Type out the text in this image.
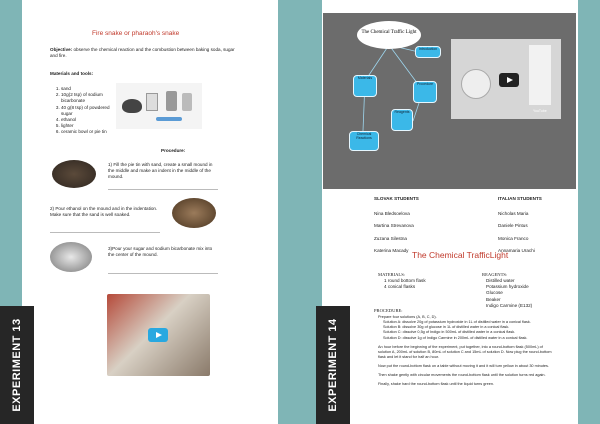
EXPERIMENT 13
Fire snake or pharaoh's snake
Objective: observe the chemical reaction and the combustion between baking soda, sugar and fire.
Materials and tools:
1. sand
2. 10g(2 tsp) of sodium bicarbonate
3. 40 g(8 tsp) of powdered sugar
4. ethanol
5. lighter
6. ceramic bowl or pie tin
Procedure:
1) Fill the pie tin with sand, create a small mound in the middle and make an indent in the middle of the mound.
2) Pour ethanol on the mound and in the indentation. Make sure that the sand is well soaked.
3)Pour your sugar and sodium bicarbonate mix into the center of the mound.
EXPERIMENT 14
The Chemical Traffic Light
Introduction
Materials
Procedure
Reagents
Chemical Reactions
YouTube
SLOVAK STUDENTS	ITALIAN STUDENTS
Nina Bledsoelova
Martina Strevanova
Zuzana Silestna
Katerina Macady
Nicholas Maria
Daniele Pintus
Monica Franco
Annamaria Urachi
The Chemical TrafficLight
MATERIALS:
1 round bottom flask
4 conical flasks
REAGENTS:
Distilled water
Potassium hydroxide
Glucose
Beaker
Indigo Carmine (E132)
PROCEDURE:
Prepare four solutions (A, B, C, D).
Solution A: dissolve 20g of potassium hydroxide in 1L of distilled water in a conical flask.
Solution B: dissolve 30g of glucose in 1L of distilled water in a conical flask.
Solution C: dissolve 0,5g of Indigo in 500mL of distilled water in a conical flask.
Solution D: dissolve 1g of Indigo Carmine in 200mL of distilled water in a conical flask.
An hour before the beginning of the experiment, put together, into a round-bottom flask (500mL) of solution A, 200mL of solution B, 80mL of solution C and 15mL of solution D. Now plug the round-bottom flask and let it stand for half an hour.
Now put the round-bottom flask on a table without moving it and it will turn yellow in about 30 minutes.
Then shake gently with circular movements the round-bottom flask until the solution turns red again.
Finally, shake hard the round-bottom flask until the liquid turns green.
